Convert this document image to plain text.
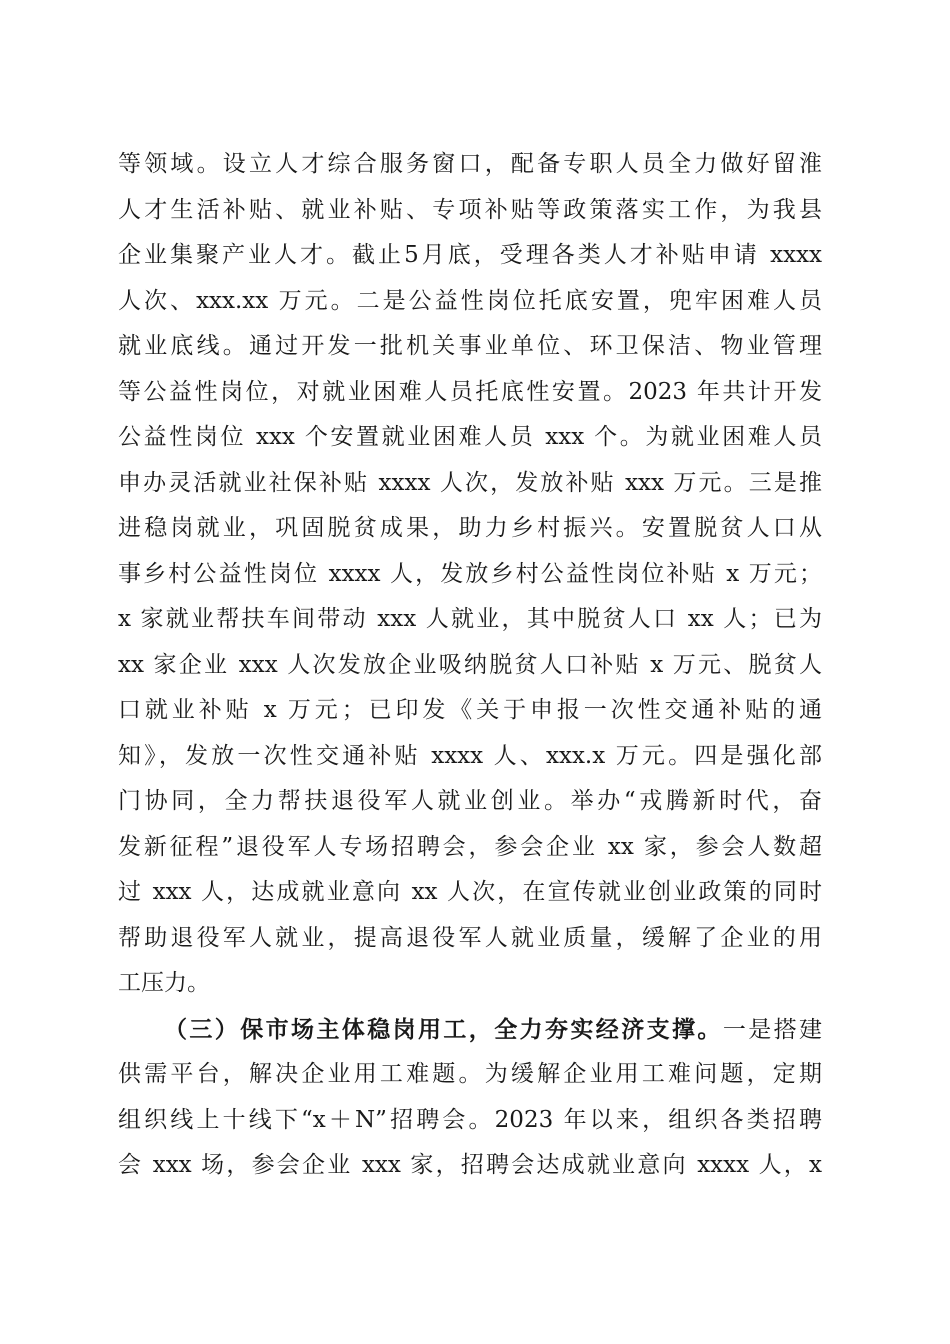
等领域。设立人才综合服务窗口，配备专职人员全力做好留淮
人才生活补贴、就业补贴、专项补贴等政策落实工作，为我县
企业集聚产业人才。截止5月底，受理各类人才补贴申请 xxxx
人次、xxx.xx 万元。二是公益性岗位托底安置，兜牢困难人员
就业底线。通过开发一批机关事业单位、环卫保洁、物业管理
等公益性岗位，对就业困难人员托底性安置。2023 年共计开发
公益性岗位 xxx 个安置就业困难人员 xxx 个。为就业困难人员
申办灵活就业社保补贴 xxxx 人次，发放补贴 xxx 万元。三是推
进稳岗就业，巩固脱贫成果，助力乡村振兴。安置脱贫人口从
事乡村公益性岗位 xxxx 人，发放乡村公益性岗位补贴 x 万元；
x 家就业帮扶车间带动 xxx 人就业，其中脱贫人口 xx 人；已为
xx 家企业 xxx 人次发放企业吸纳脱贫人口补贴 x 万元、脱贫人
口就业补贴 x 万元；已印发《关于申报一次性交通补贴的通
知》，发放一次性交通补贴 xxxx 人、xxx.x 万元。四是强化部
门协同，全力帮扶退役军人就业创业。举办“戎腾新时代，奋
发新征程”退役军人专场招聘会，参会企业 xx 家，参会人数超
过 xxx 人，达成就业意向 xx 人次，在宣传就业创业政策的同时
帮助退役军人就业，提高退役军人就业质量，缓解了企业的用
工压力。
（三）保市场主体稳岗用工，全力夯实经济支撑。一是搭建
供需平台，解决企业用工难题。为缓解企业用工难问题，定期
组织线上十线下“x＋N”招聘会。2023 年以来，组织各类招聘
会 xxx 场，参会企业 xxx 家，招聘会达成就业意向 xxxx 人，x
